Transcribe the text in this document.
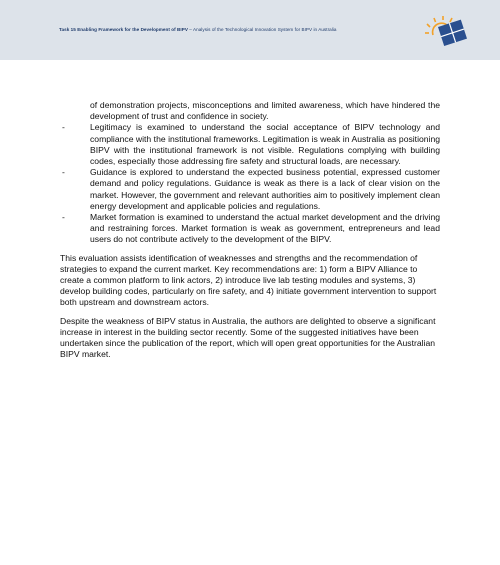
Task 15 Enabling Framework for the Development of BIPV – Analysis of the Technological Innovation System for BIPV in Australia
of demonstration projects, misconceptions and limited awareness, which have hindered the development of trust and confidence in society.
-	Legitimacy is examined to understand the social acceptance of BIPV technology and compliance with the institutional frameworks. Legitimation is weak in Australia as positioning BIPV with the institutional framework is not visible. Regulations complying with building codes, especially those addressing fire safety and structural loads, are necessary.
-	Guidance is explored to understand the expected business potential, expressed customer demand and policy regulations. Guidance is weak as there is a lack of clear vision on the market. However, the government and relevant authorities aim to positively implement clean energy development and applicable policies and regulations.
-	Market formation is examined to understand the actual market development and the driving and restraining forces. Market formation is weak as government, entrepreneurs and lead users do not contribute actively to the development of the BIPV.

This evaluation assists identification of weaknesses and strengths and the recommendation of strategies to expand the current market. Key recommendations are: 1) form a BIPV Alliance to create a common platform to link actors, 2) introduce live lab testing modules and systems, 3) develop building codes, particularly on fire safety, and 4) initiate government intervention to support both upstream and downstream actors.

Despite the weakness of BIPV status in Australia, the authors are delighted to observe a significant increase in interest in the building sector recently. Some of the suggested initiatives have been undertaken since the publication of the report, which will open great opportunities for the Australian BIPV market.
